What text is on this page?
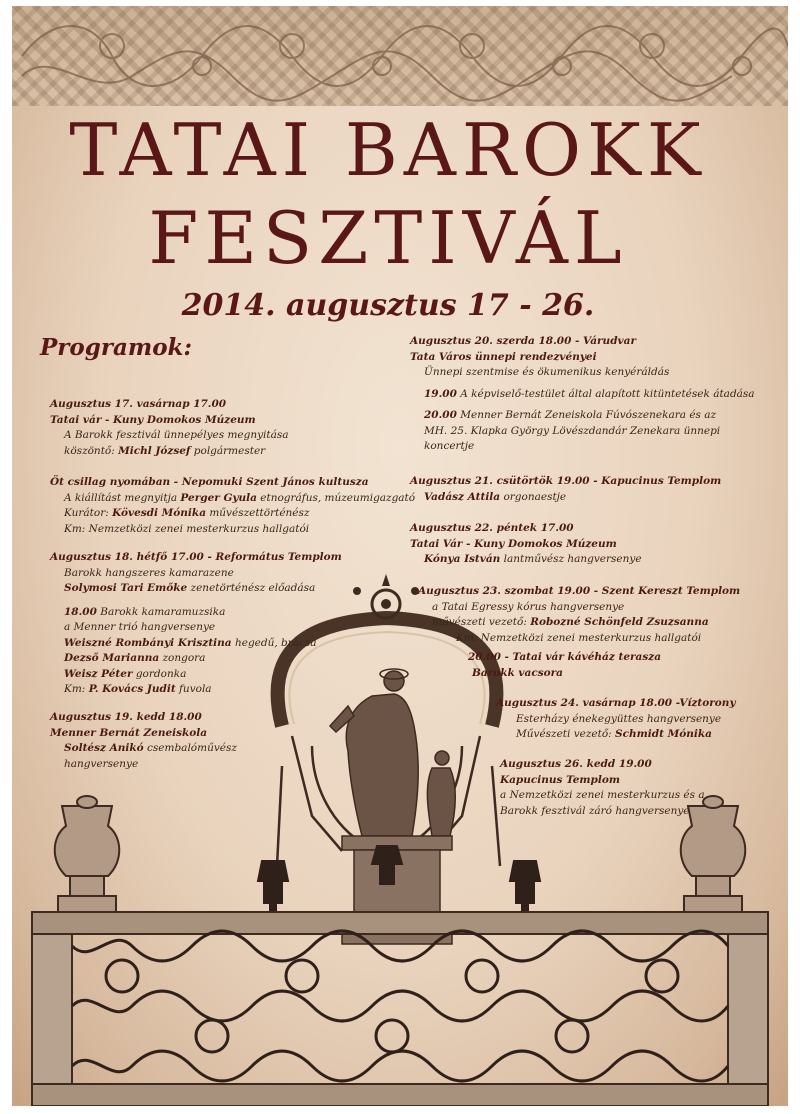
TATAI BAROKK
FESZTIVÁL
2014. augusztus 17 - 26.
Programok:
Augusztus 17. vasárnap 17.00
Tatai vár - Kuny Domokos Múzeum
A Barokk fesztivál ünnepélyes megnyitása
köszöntő: Michl József polgármester
Öt csillag nyomában - Nepomuki Szent János kultusza
A kiállítást megnyitja Perger Gyula etnográfus, múzeumigazgató
Kurátor: Kövesdi Mónika művészettörténész
Km: Nemzetközi zenei mesterkurzus hallgatói
Augusztus 18. hétfő 17.00 - Református Templom
Barokk hangszeres kamarazene
Solymosi Tari Emőke zenetörténész előadása
18.00 Barokk kamaramuzsika
a Menner trió hangversenye
Weiszné Rombányi Krisztina hegedű, brácsa
Dezső Marianna zongora
Weisz Péter gordonka
Km: P. Kovács Judit fuvola
Augusztus 19. kedd 18.00
Menner Bernát Zeneiskola
Soltész Anikó csembalóművész
hangversenye
Augusztus 20. szerda 18.00 - Várudvar
Tata Város ünnepi rendezvényei
Ünnepi szentmise és ökumenikus kenyéráldás
19.00 A képviselő-testület által alapított kitüntetések átadása
20.00 Menner Bernát Zeneiskola Fúvószenekara és az
MH. 25. Klapka György Lövészdandár Zenekara ünnepi
koncertje
Augusztus 21. csütörtök 19.00 - Kapucinus Templom
Vadász Attila orgonaestje
Augusztus 22. péntek 17.00
Tatai Vár - Kuny Domokos Múzeum
Kónya István lantművész hangversenye
Augusztus 23. szombat 19.00 - Szent Kereszt Templom
a Tatai Egressy kórus hangversenye
művészeti vezető: Robozné Schönfeld Zsuzsanna
Km: Nemzetközi zenei mesterkurzus hallgatói
20.00 - Tatai vár kávéház terasza
Barokk vacsora
Augusztus 24. vasárnap 18.00 -Víztorony
Esterházy énekegyüttes hangversenye
Művészeti vezető: Schmidt Mónika
Augusztus 26. kedd 19.00
Kapucinus Templom
a Nemzetközi zenei mesterkurzus és a
Barokk fesztivál záró hangversenye
